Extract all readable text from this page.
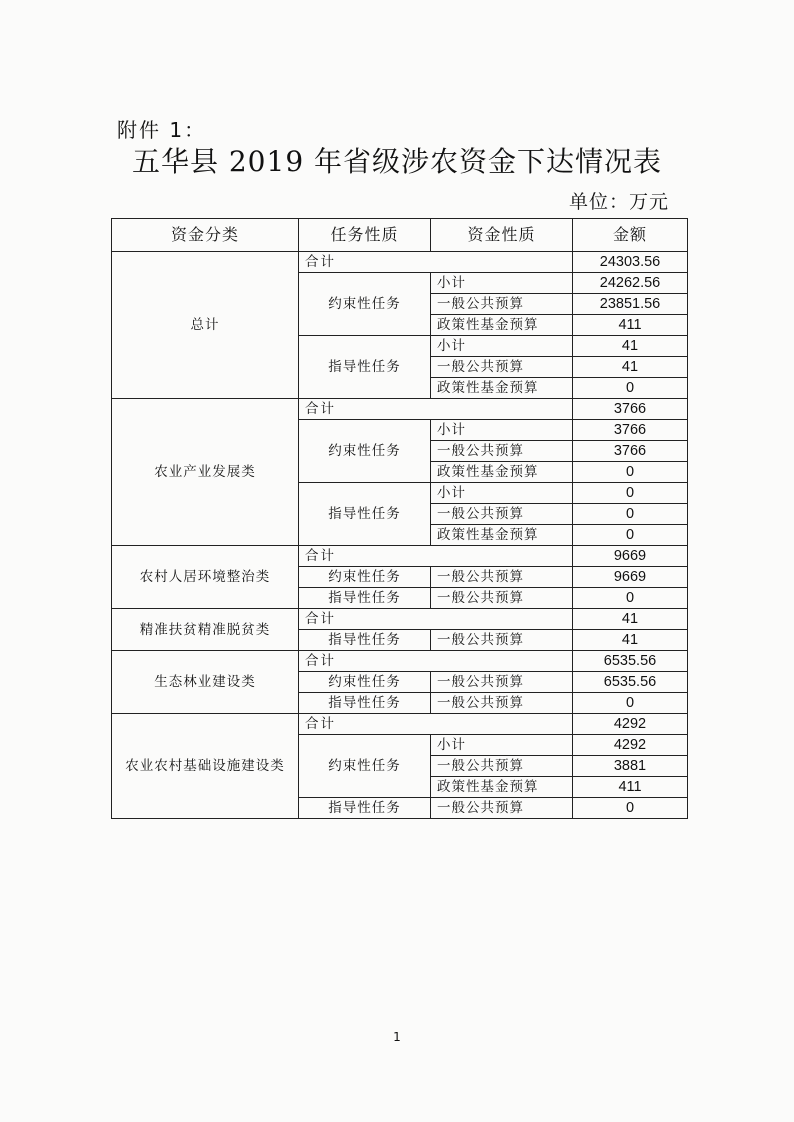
附件 1：
五华县 2019 年省级涉农资金下达情况表
单位：万元
资金分类	任务性质	资金性质	金额
总计	合计		24303.56
	约束性任务	小计	24262.56
		一般公共预算	23851.56
		政策性基金预算	411
	指导性任务	小计	41
		一般公共预算	41
		政策性基金预算	0
农业产业发展类	合计		3766
	约束性任务	小计	3766
		一般公共预算	3766
		政策性基金预算	0
	指导性任务	小计	0
		一般公共预算	0
		政策性基金预算	0
农村人居环境整治类	合计		9669
	约束性任务	一般公共预算	9669
	指导性任务	一般公共预算	0
精准扶贫精准脱贫类	合计		41
	指导性任务	一般公共预算	41
生态林业建设类	合计		6535.56
	约束性任务	一般公共预算	6535.56
	指导性任务	一般公共预算	0
农业农村基础设施建设类	合计		4292
	约束性任务	小计	4292
		一般公共预算	3881
		政策性基金预算	411
	指导性任务	一般公共预算	0
1
